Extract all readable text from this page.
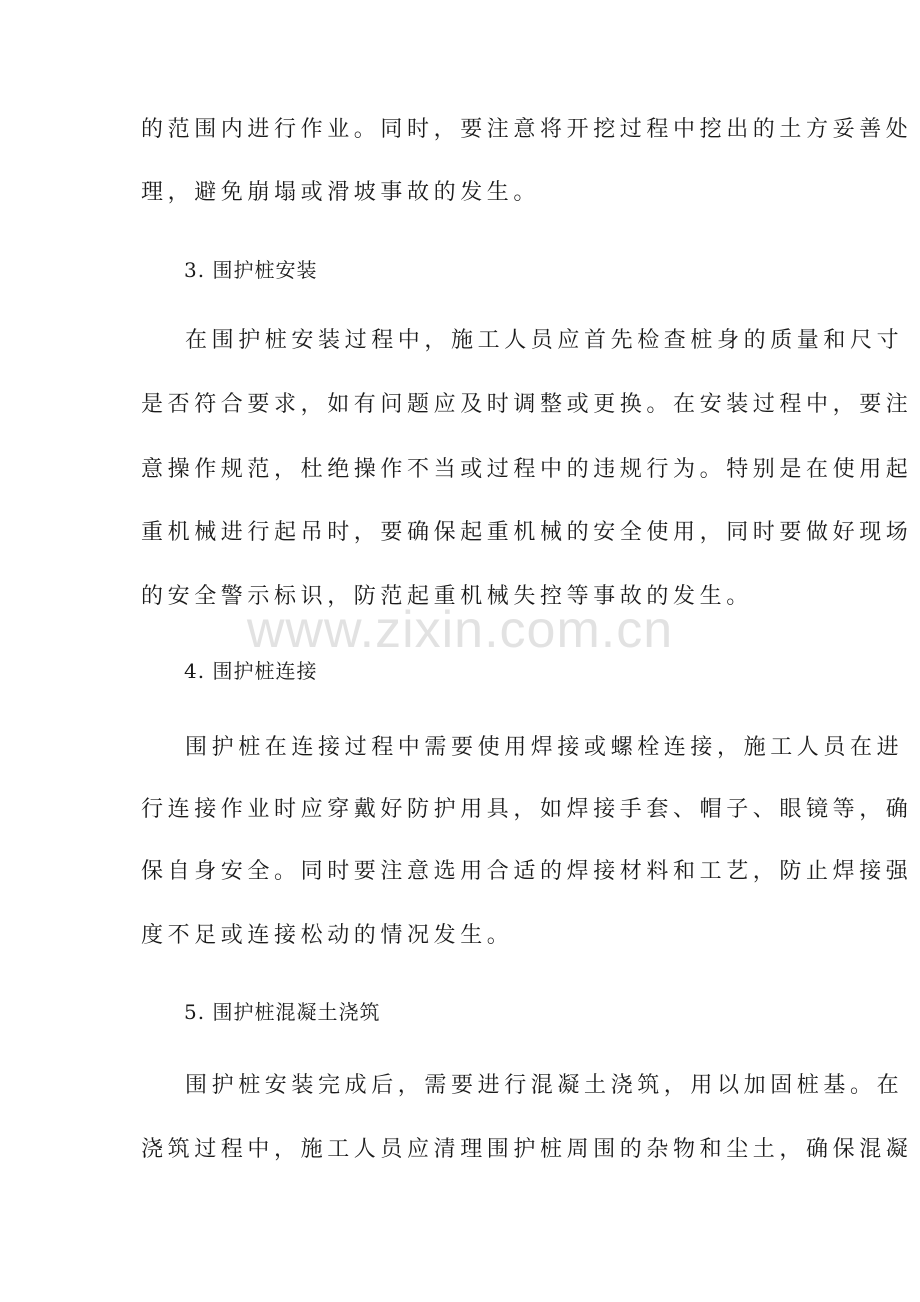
的范围内进行作业。同时，要注意将开挖过程中挖出的土方妥善处
理，避免崩塌或滑坡事故的发生。
3. 围护桩安装
在围护桩安装过程中，施工人员应首先检查桩身的质量和尺寸
是否符合要求，如有问题应及时调整或更换。在安装过程中，要注
意操作规范，杜绝操作不当或过程中的违规行为。特别是在使用起
重机械进行起吊时，要确保起重机械的安全使用，同时要做好现场
的安全警示标识，防范起重机械失控等事故的发生。
4. 围护桩连接
围护桩在连接过程中需要使用焊接或螺栓连接，施工人员在进
行连接作业时应穿戴好防护用具，如焊接手套、帽子、眼镜等，确
保自身安全。同时要注意选用合适的焊接材料和工艺，防止焊接强
度不足或连接松动的情况发生。
5. 围护桩混凝土浇筑
围护桩安装完成后，需要进行混凝土浇筑，用以加固桩基。在
浇筑过程中，施工人员应清理围护桩周围的杂物和尘土，确保混凝
www.zixin.com.cn
